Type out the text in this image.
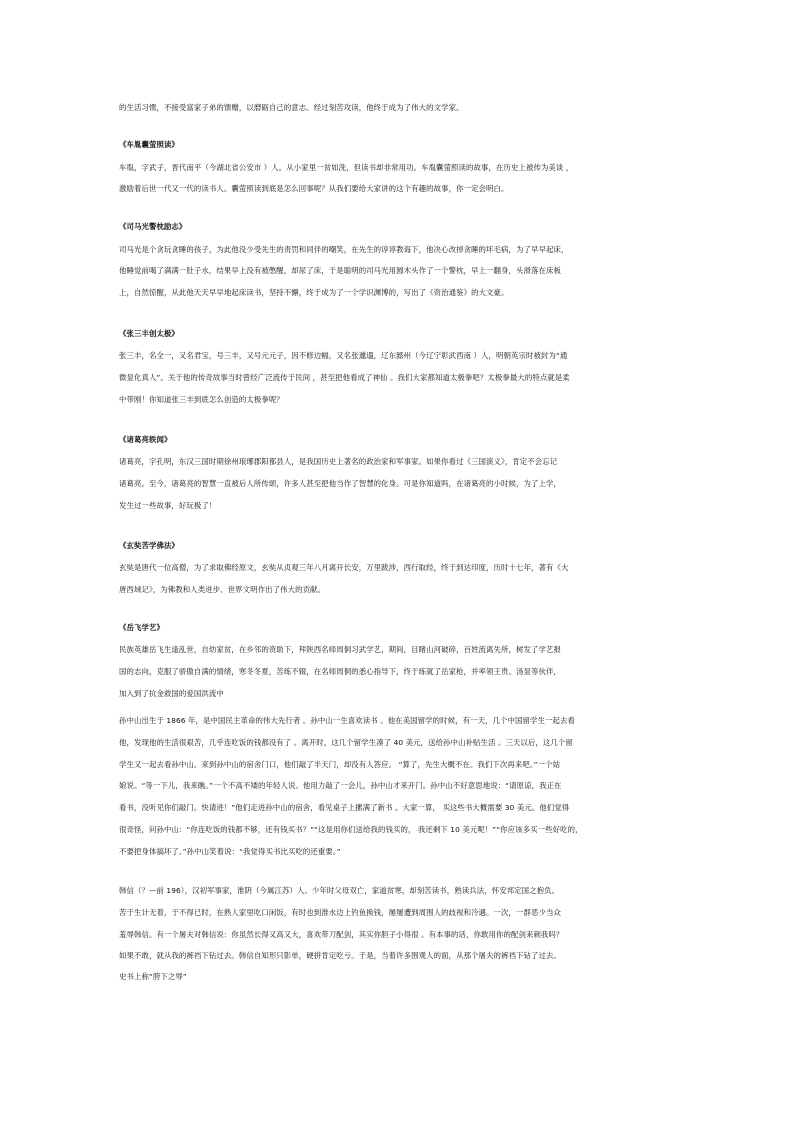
的生活习惯，不接受富家子弟的馈赠，以磨砺自己的意志。经过刻苦攻读，他终于成为了伟大的文学家。
《车胤囊萤照读》
车胤，字武子，晋代南平（今湖北省公安市 ）人。从小家里一贫如洗，但读书却非常用功。车胤囊萤照读的故事，在历史上被传为美谈 ，
激励着后世一代又一代的读书人。囊萤照读到底是怎么回事呢？从我们要给大家讲的这个有趣的故事，你一定会明白。
《司马光警枕励志》
司马光是个贪玩贪睡的孩子，为此他没少受先生的责罚和同伴的嘲笑，在先生的谆谆教诲下，他决心改掉贪睡的坏毛病，为了早早起床，
他睡觉前喝了满满一肚子水，结果早上没有被憋醒，却尿了床，于是聪明的司马光用圆木头作了一个警枕，早上一翻身，头滑落在床板
上，自然惊醒，从此他天天早早地起床读书，坚持不懈，终于成为了一个学识渊博的，写出了《资治通鉴》的大文豪。
《张三丰创太极》
张三丰，名全一，又名君宝，号三丰，又号元元子，因不修边幅，又名张邋遢，辽东懿州（今辽宁彰武西南 ）人，明朝英宗时被封为“通
微显化真人”。关于他的传奇故事当时曾经广泛流传于民间 ，甚至把他看成了神仙 。我们大家都知道太极拳吧？太极拳最大的特点就是柔
中带刚！你知道张三丰到底怎么创造的太极拳呢？
《诸葛亮轶闻》
诸葛亮，字孔明，东汉三国时期徐州琅琊郡阳都县人，是我国历史上著名的政治家和军事家。如果你看过《三国演义》，肯定不会忘记
诸葛亮。至今，诸葛亮的智慧一直被后人所传颂，许多人甚至把他当作了智慧的化身。可是你知道吗，在诸葛亮的小时候，为了上学，
发生过一些故事，好玩极了！
《玄奘苦学佛法》
玄奘是唐代一位高僧，为了求取佛经原文，玄奘从贞观三年八月离开长安，万里跋涉，西行取经，终于到达印度，历时十七年，著有《大
唐西域记》，为佛教和人类进步、世界文明作出了伟大的贡献。
《岳飞学艺》
民族英雄岳飞生逢乱世，自幼家贫，在乡邻的资助下，拜陕西名师周侗习武学艺，期间，目睹山河破碎，百姓流离失所，树发了学艺报
国的志向，克服了骄傲自满的情绪，寒冬冬夏，苦练不辍，在名师周侗的悉心指导下，终于练就了岳家枪，并率领王贵、汤显等伙伴，
加入到了抗金救国的爱国洪流中
孙中山出生于 1866 年，是中国民主革命的伟大先行者 。孙中山一生喜欢读书 。他在美国留学的时候，有一天，几个中国留学生一起去看
他，发现他的生活很艰苦，几乎连吃饭的钱都没有了 。离开时，这几个留学生凑了 40 美元，送给孙中山补贴生活 。三天以后，这几个留
学生又一起去看孙中山。来到孙中山的宿舍门口，他们敲了半天门，却没有人答应。 “算了，先生大概不在。我们下次再来吧。”一个姑
娘说。“等一下儿，我来瞧。”一个不高不矮的年轻人说。他用力敲了一会儿，孙中山才来开门。孙中山不好意思地说：“请原谅，我正在
看书，没听见你们敲门。快请进！”他们走进孙中山的宿舍，看见桌子上摞满了新书 。大家一算， 买这些书大概需要 30 美元。他们觉得
很奇怪，问孙中山：“你连吃饭的钱都不够，还有钱买书？”“这是用你们送给我的钱买的， 我还剩下 10 美元呢！”“你应该多买一些好吃的，
不要把身体搞坏了。”孙中山笑着说：“我觉得买书比买吃的还重要。”
韩信（？—前 196），汉初军事家，淮阴（今属江苏）人。少年时父母双亡，家道贫寒，却刻苦读书，熟读兵法，怀安邦定国之抱负。
苦于生计无着，于不得已时，在熟人家里吃口闲饭，有时也到淮水边上钓鱼换钱，屡屡遭到周围人的歧视和冷遇。一次，一群恶少当众
羞辱韩信。有一个屠夫对韩信说：你虽然长得又高又大，喜欢带刀配剑，其实你胆子小得很 。有本事的话，你敢用你的配剑来刺我吗？
如果不敢，就从我的裤裆下钻过去。韩信自知形只影单，硬拼肯定吃亏。于是，当着许多围观人的面，从那个屠夫的裤裆下钻了过去。
史书上称“胯下之辱”
